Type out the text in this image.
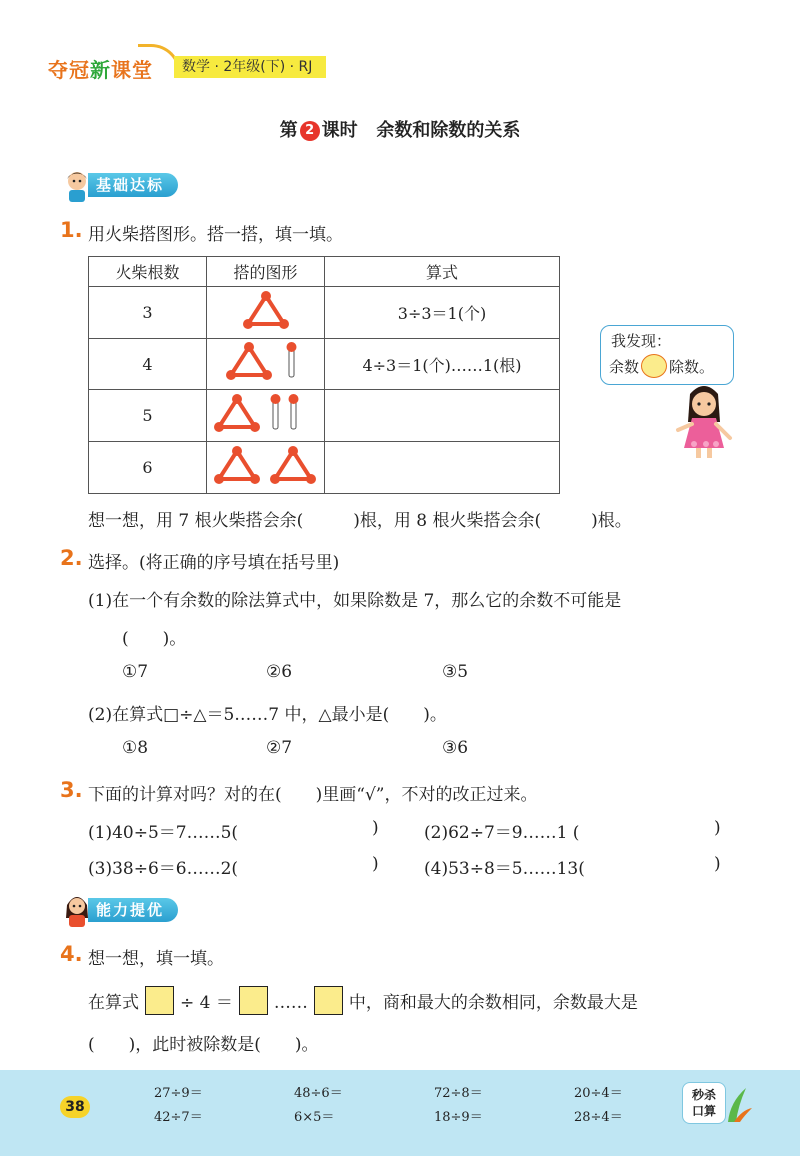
夺冠新课堂	数学 · 2年级(下) · RJ
第 2 课时 余数和除数的关系
基础达标
1. 用火柴搭图形。搭一搭，填一填。
火柴根数	搭的图形	算式
3		3÷3＝1(个)
4		4÷3＝1(个)……1(根)
5		
6		
我发现：
余数 除数。
想一想，用 7 根火柴搭会余(	)根，用 8 根火柴搭会余(	)根。
2. 选择。(将正确的序号填在括号里)
(1)在一个有余数的除法算式中，如果除数是 7，那么它的余数不可能是
(　　)。
①7	②6	③5
(2)在算式□÷△＝5……7 中，△最小是(　　)。
①8	②7	③6
3. 下面的计算对吗？对的在(　　)里画“√”，不对的改正过来。
(1)40÷5＝7……5(	)	(2)62÷7＝9……1 (	)
(3)38÷6＝6……2(	)	(4)53÷8＝5……13(	)
能力提优
4. 想一想，填一填。
在算式 ÷ 4 ＝ …… 中，商和最大的余数相同，余数最大是
(　　)，此时被除数是(　　)。
38
27÷9＝	48÷6＝	72÷8＝	20÷4＝
42÷7＝	6×5＝	18÷9＝	28÷4＝
秒杀
口算
